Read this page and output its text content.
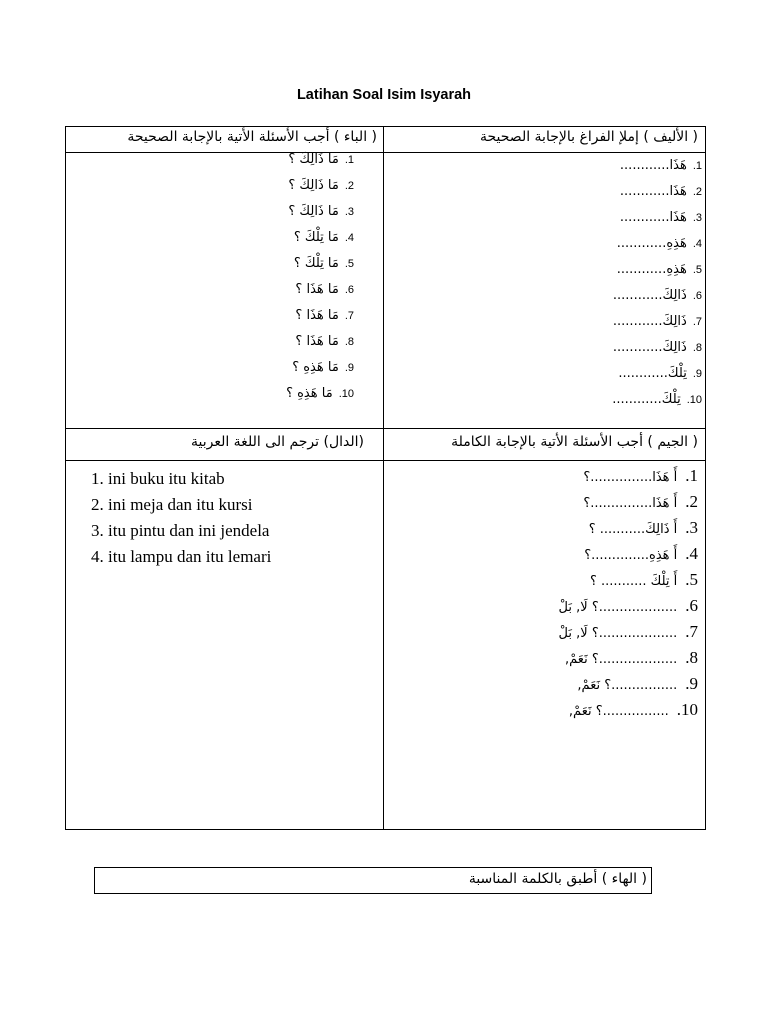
Latihan Soal Isim Isyarah
( الأليف ) إملإ الفراغ بالإجابة الصحيحة
( الباء ) أجب الأسئلة الأتية بالإجابة الصحيحة
( الجيم ) أجب الأسئلة الأتية بالإجابة الكاملة
(الدال) ترجم الى اللغة العربية
1.هَذَا............
2.هَذَا............
3.هَذَا............
4.هَذِهِ............
5.هَذِهِ............
6.ذَالِكَ............
7.ذَالِكَ............
8.ذَالِكَ............
9.تِلْكَ............
10.تِلْكَ............
1.مَا ذَالِكَ ؟
2.مَا ذَالِكَ ؟
3.مَا ذَالِكَ ؟
4.مَا تِلْكَ ؟
5.مَا تِلْكَ ؟
6.مَا هَذَا ؟
7.مَا هَذَا ؟
8.مَا هَذَا ؟
9.مَا هَذِهِ ؟
10.مَا هَذِهِ ؟
1.أَ هَذَا...............؟
2.أَ هَذَا...............؟
3.أَ ذَالِكَ........... ؟
4.أَ هَذِهِ..............؟
5.أَ تِلْكَ ........... ؟
6....................؟ لَا, بَلْ
7....................؟ لَا, بَلْ
8....................؟ نَعَمْ,
9.................؟ نَعَمْ,
10.................؟ نَعَمْ,
1. ini buku itu kitab
2. ini meja dan itu kursi
3. itu pintu dan ini jendela
4. itu lampu dan itu lemari
( الهاء ) أطبق بالكلمة المناسبة
